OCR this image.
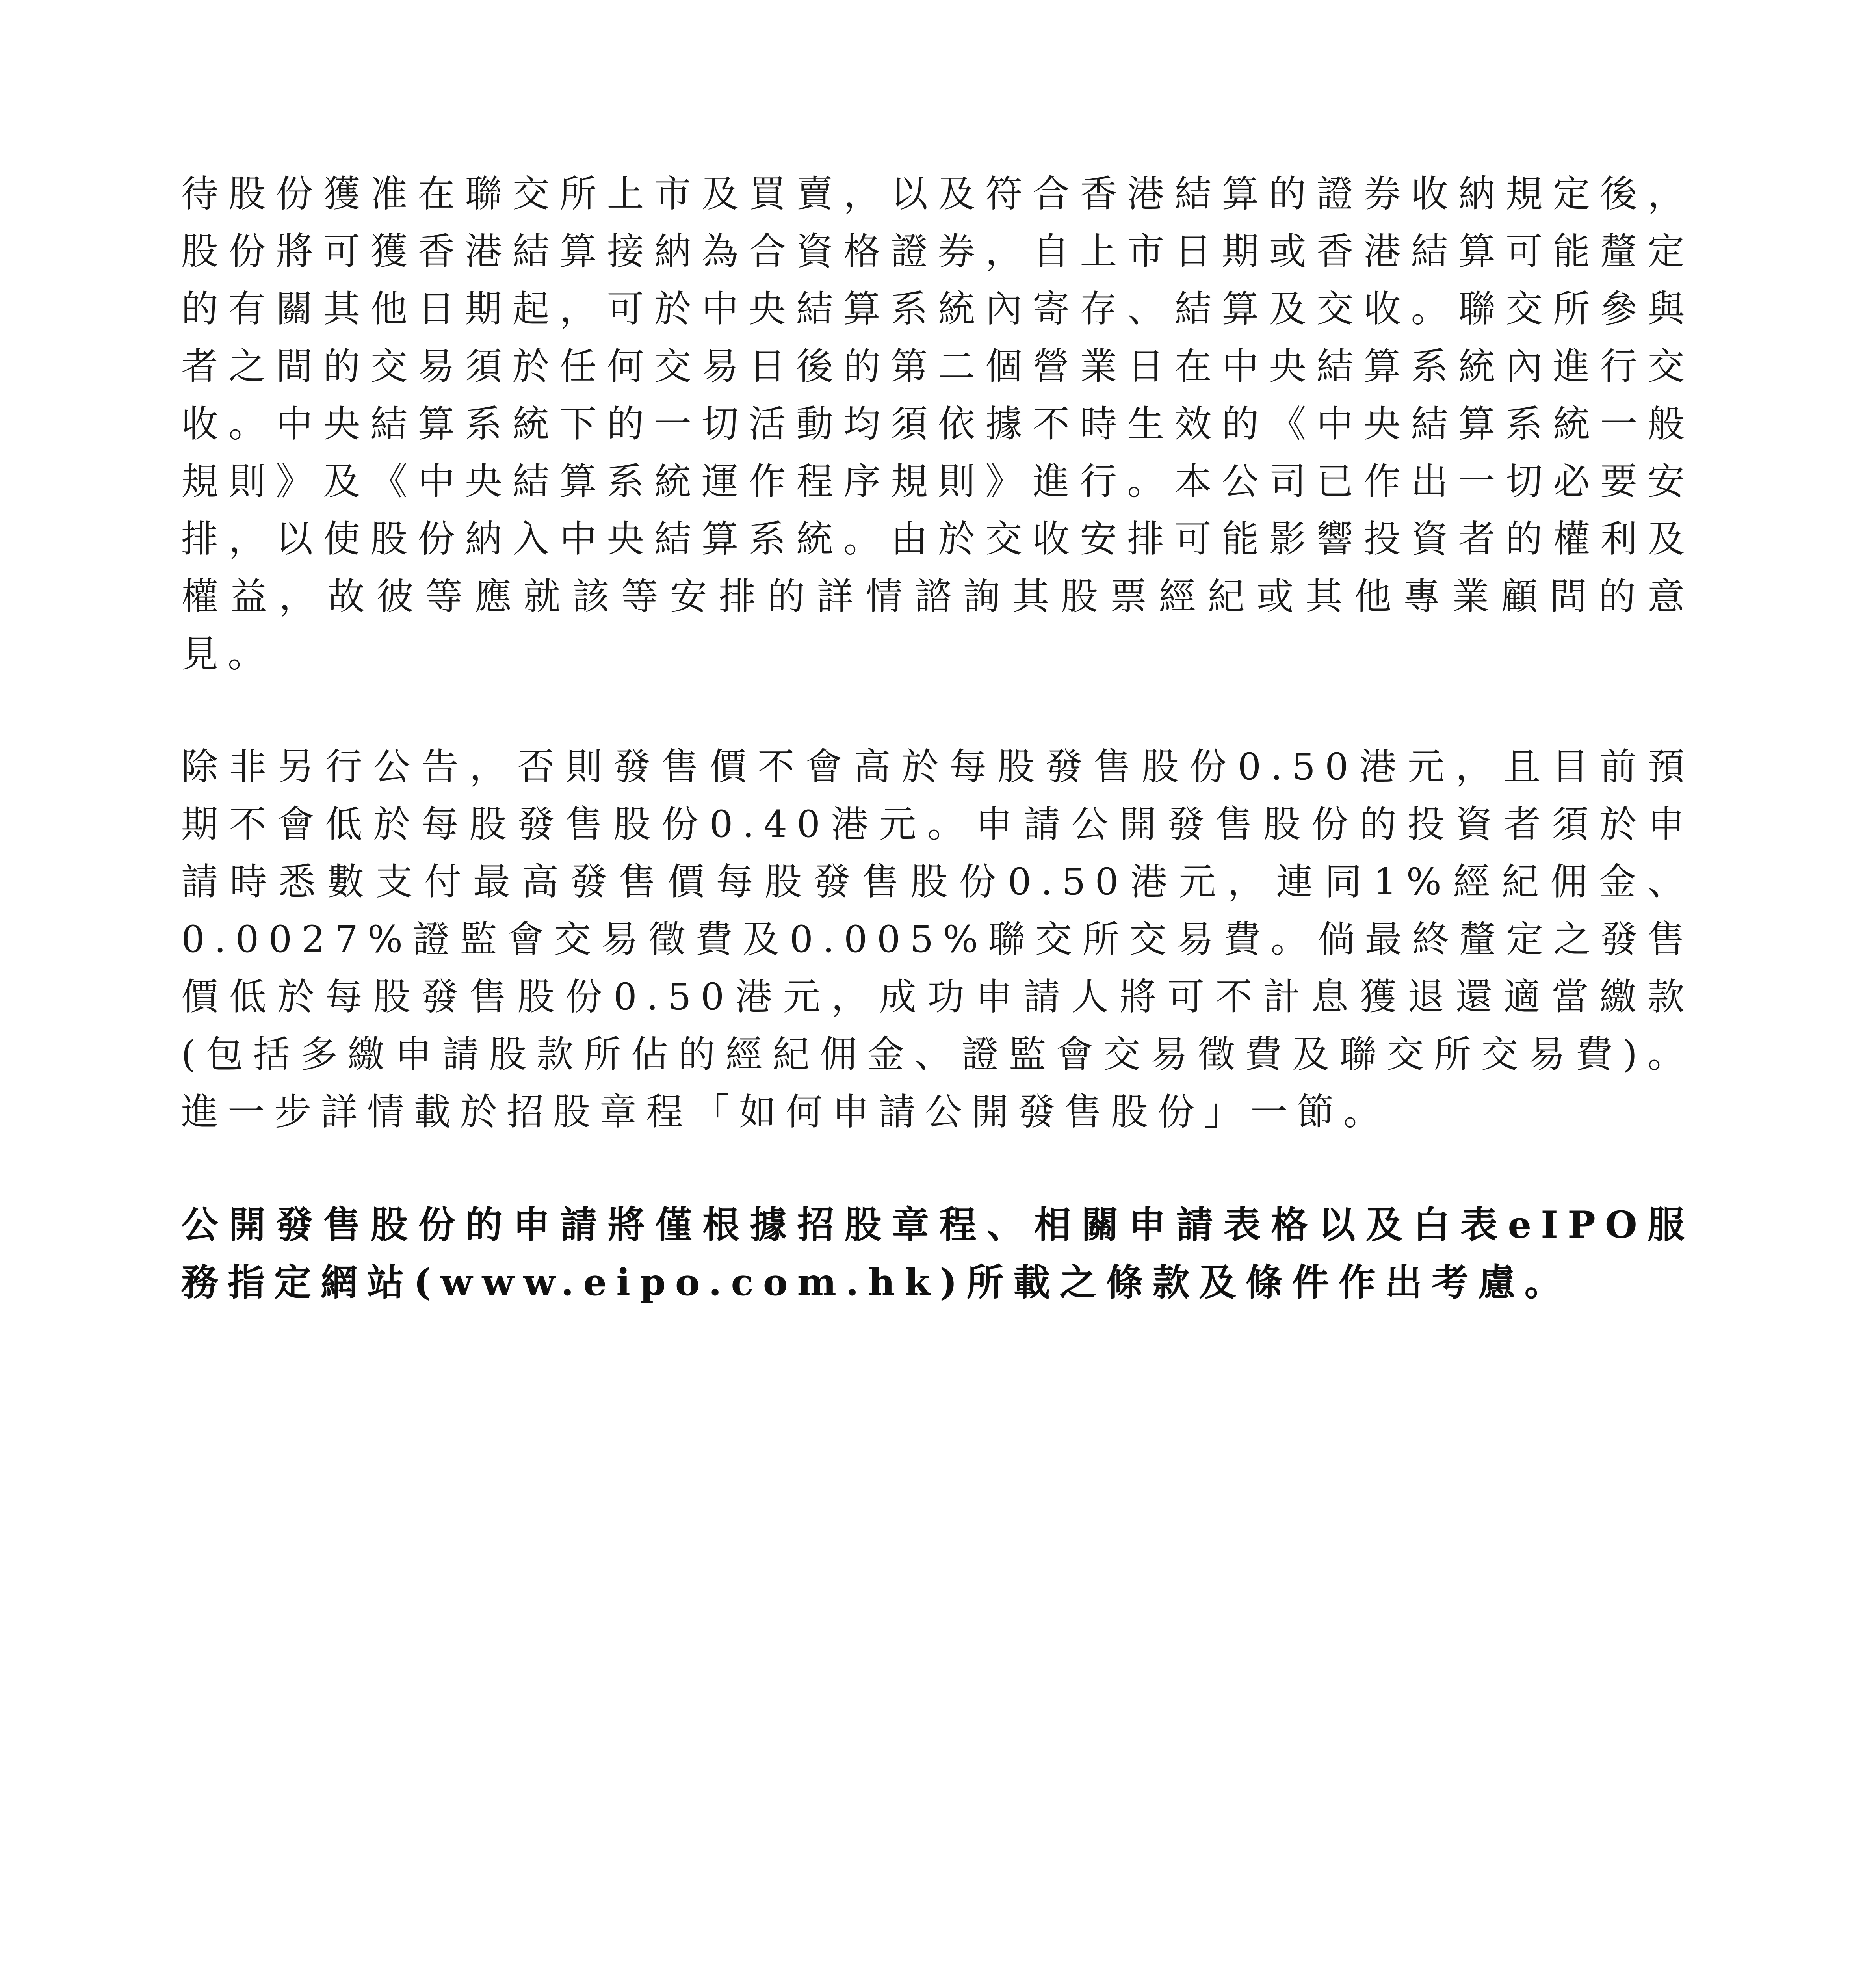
待股份獲准在聯交所上市及買賣，以及符合香港結算的證券收納規定後，股份將可獲香港結算接納為合資格證券，自上市日期或香港結算可能釐定的有關其他日期起，可於中央結算系統內寄存、結算及交收。聯交所參與者之間的交易須於任何交易日後的第二個營業日在中央結算系統內進行交收。中央結算系統下的一切活動均須依據不時生效的《中央結算系統一般規則》及《中央結算系統運作程序規則》進行。本公司已作出一切必要安排，以使股份納入中央結算系統。由於交收安排可能影響投資者的權利及權益，故彼等應就該等安排的詳情諮詢其股票經紀或其他專業顧問的意見。

除非另行公告，否則發售價不會高於每股發售股份0.50港元，且目前預期不會低於每股發售股份0.40港元。申請公開發售股份的投資者須於申請時悉數支付最高發售價每股發售股份0.50港元，連同1%經紀佣金、0.0027%證監會交易徵費及0.005%聯交所交易費。倘最終釐定之發售價低於每股發售股份0.50港元，成功申請人將可不計息獲退還適當繳款(包括多繳申請股款所佔的經紀佣金、證監會交易徵費及聯交所交易費)。進一步詳情載於招股章程「如何申請公開發售股份」一節。

公開發售股份的申請將僅根據招股章程、相關申請表格以及白表eIPO服務指定網站(www.eipo.com.hk)所載之條款及條件作出考慮。
